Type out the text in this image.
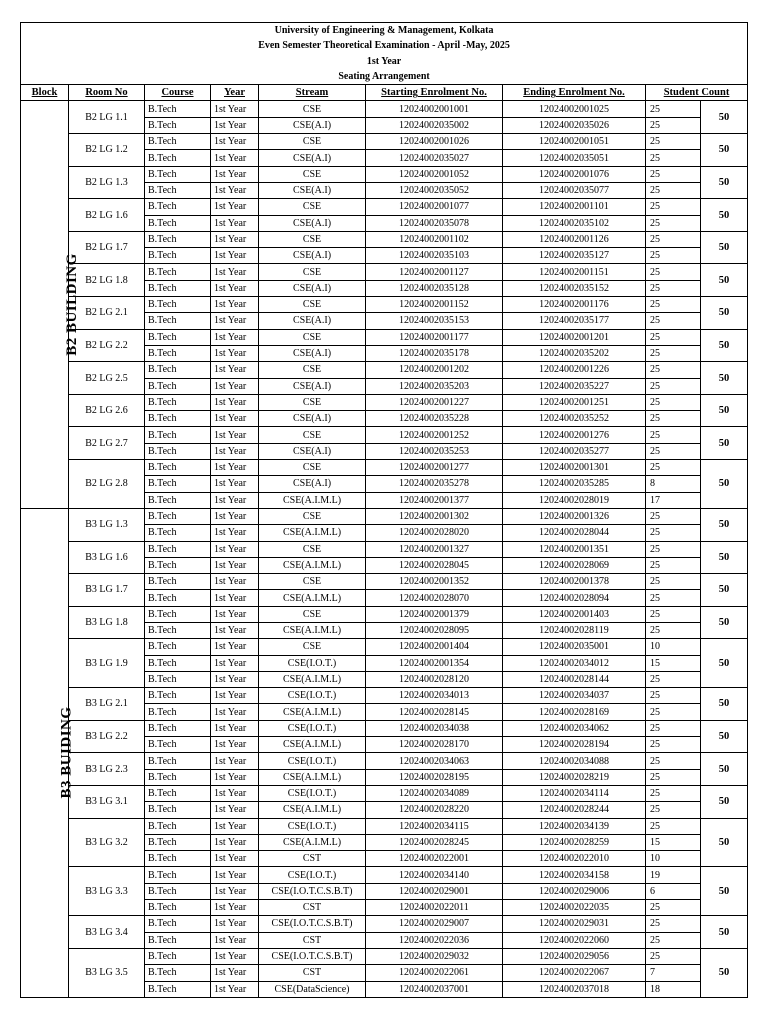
University of Engineering & Management, Kolkata								
Even Semester Theoretical Examination - April -May, 2025								
1st Year								
Seating Arrangement								
Block	Room No	Course	Year	Stream	Starting Enrolment No.	Ending Enrolment No.	Student Count	
B2 BUILDING	B2 LG 1.1	B.Tech	1st Year	CSE	12024002001001	12024002001025	25	50
		B.Tech	1st Year	CSE(A.I)	12024002035002	12024002035026	25	
	B2 LG 1.2	B.Tech	1st Year	CSE	12024002001026	12024002001051	25	50
		B.Tech	1st Year	CSE(A.I)	12024002035027	12024002035051	25	
	B2 LG 1.3	B.Tech	1st Year	CSE	12024002001052	12024002001076	25	50
		B.Tech	1st Year	CSE(A.I)	12024002035052	12024002035077	25	
	B2 LG 1.6	B.Tech	1st Year	CSE	12024002001077	12024002001101	25	50
		B.Tech	1st Year	CSE(A.I)	12024002035078	12024002035102	25	
	B2 LG 1.7	B.Tech	1st Year	CSE	12024002001102	12024002001126	25	50
		B.Tech	1st Year	CSE(A.I)	12024002035103	12024002035127	25	
	B2 LG 1.8	B.Tech	1st Year	CSE	12024002001127	12024002001151	25	50
		B.Tech	1st Year	CSE(A.I)	12024002035128	12024002035152	25	
	B2 LG 2.1	B.Tech	1st Year	CSE	12024002001152	12024002001176	25	50
		B.Tech	1st Year	CSE(A.I)	12024002035153	12024002035177	25	
	B2 LG 2.2	B.Tech	1st Year	CSE	12024002001177	12024002001201	25	50
		B.Tech	1st Year	CSE(A.I)	12024002035178	12024002035202	25	
	B2 LG 2.5	B.Tech	1st Year	CSE	12024002001202	12024002001226	25	50
		B.Tech	1st Year	CSE(A.I)	12024002035203	12024002035227	25	
	B2 LG 2.6	B.Tech	1st Year	CSE	12024002001227	12024002001251	25	50
		B.Tech	1st Year	CSE(A.I)	12024002035228	12024002035252	25	
	B2 LG 2.7	B.Tech	1st Year	CSE	12024002001252	12024002001276	25	50
		B.Tech	1st Year	CSE(A.I)	12024002035253	12024002035277	25	
	B2 LG 2.8	B.Tech	1st Year	CSE	12024002001277	12024002001301	25	50
		B.Tech	1st Year	CSE(A.I)	12024002035278	12024002035285	8	
		B.Tech	1st Year	CSE(A.I.M.L)	12024002001377	12024002028019	17	
B3 BUIDING	B3 LG 1.3	B.Tech	1st Year	CSE	12024002001302	12024002001326	25	50
		B.Tech	1st Year	CSE(A.I.M.L)	12024002028020	12024002028044	25	
	B3 LG 1.6	B.Tech	1st Year	CSE	12024002001327	12024002001351	25	50
		B.Tech	1st Year	CSE(A.I.M.L)	12024002028045	12024002028069	25	
	B3 LG 1.7	B.Tech	1st Year	CSE	12024002001352	12024002001378	25	50
		B.Tech	1st Year	CSE(A.I.M.L)	12024002028070	12024002028094	25	
	B3 LG 1.8	B.Tech	1st Year	CSE	12024002001379	12024002001403	25	50
		B.Tech	1st Year	CSE(A.I.M.L)	12024002028095	12024002028119	25	
	B3 LG 1.9	B.Tech	1st Year	CSE	12024002001404	12024002035001	10	50
		B.Tech	1st Year	CSE(I.O.T.)	12024002001354	12024002034012	15	
		B.Tech	1st Year	CSE(A.I.M.L)	12024002028120	12024002028144	25	
	B3 LG 2.1	B.Tech	1st Year	CSE(I.O.T.)	12024002034013	12024002034037	25	50
		B.Tech	1st Year	CSE(A.I.M.L)	12024002028145	12024002028169	25	
	B3 LG 2.2	B.Tech	1st Year	CSE(I.O.T.)	12024002034038	12024002034062	25	50
		B.Tech	1st Year	CSE(A.I.M.L)	12024002028170	12024002028194	25	
	B3 LG 2.3	B.Tech	1st Year	CSE(I.O.T.)	12024002034063	12024002034088	25	50
		B.Tech	1st Year	CSE(A.I.M.L)	12024002028195	12024002028219	25	
	B3 LG 3.1	B.Tech	1st Year	CSE(I.O.T.)	12024002034089	12024002034114	25	50
		B.Tech	1st Year	CSE(A.I.M.L)	12024002028220	12024002028244	25	
	B3 LG 3.2	B.Tech	1st Year	CSE(I.O.T.)	12024002034115	12024002034139	25	50
		B.Tech	1st Year	CSE(A.I.M.L)	12024002028245	12024002028259	15	
		B.Tech	1st Year	CST	12024002022001	12024002022010	10	
	B3 LG 3.3	B.Tech	1st Year	CSE(I.O.T.)	12024002034140	12024002034158	19	50
		B.Tech	1st Year	CSE(I.O.T.C.S.B.T)	12024002029001	12024002029006	6	
		B.Tech	1st Year	CST	12024002022011	12024002022035	25	
	B3 LG 3.4	B.Tech	1st Year	CSE(I.O.T.C.S.B.T)	12024002029007	12024002029031	25	50
		B.Tech	1st Year	CST	12024002022036	12024002022060	25	
	B3 LG 3.5	B.Tech	1st Year	CSE(I.O.T.C.S.B.T)	12024002029032	12024002029056	25	50
		B.Tech	1st Year	CST	12024002022061	12024002022067	7	
		B.Tech	1st Year	CSE(DataScience)	12024002037001	12024002037018	18	
